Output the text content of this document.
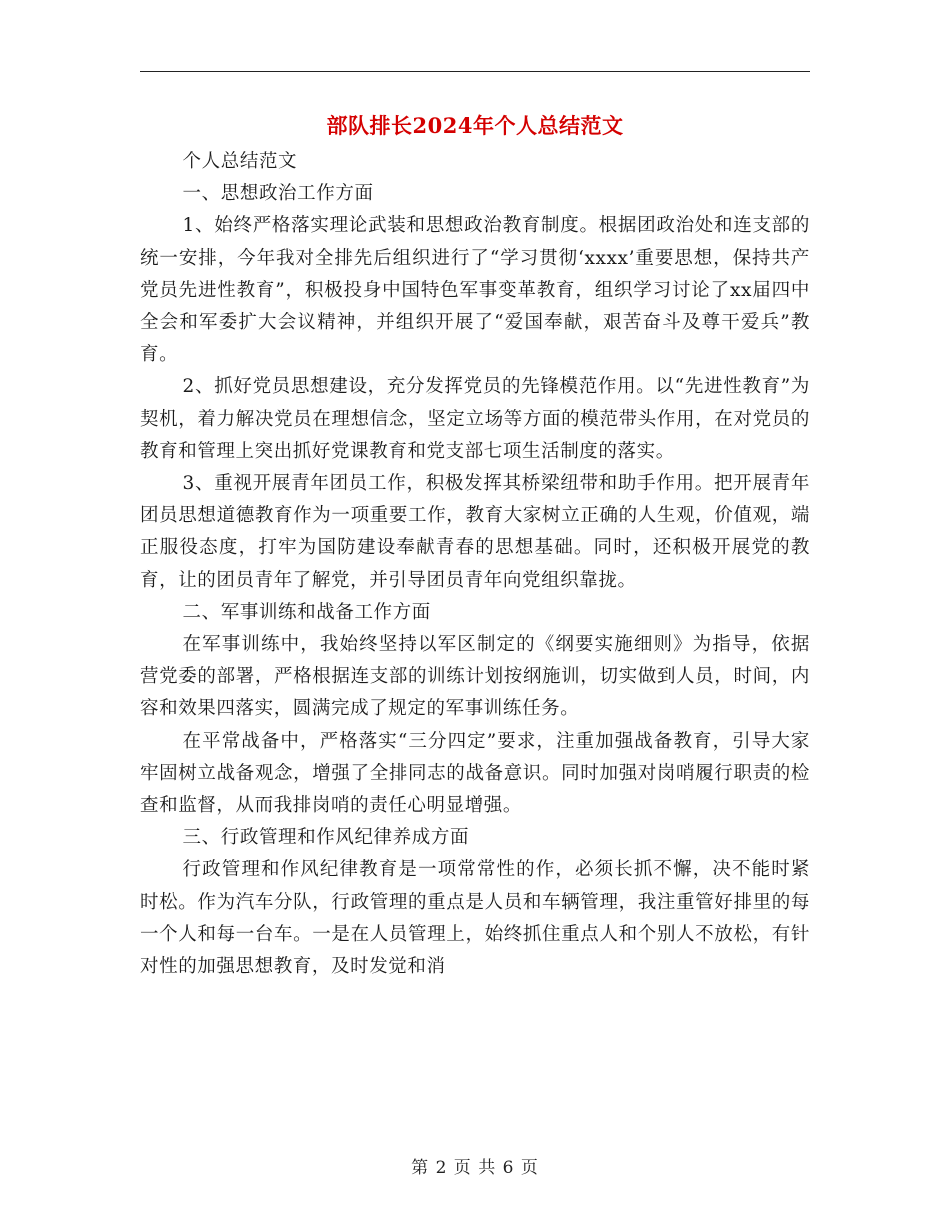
部队排长2024年个人总结范文

个人总结范文

一、思想政治工作方面

1、始终严格落实理论武装和思想政治教育制度。根据团政治处和连支部的统一安排，今年我对全排先后组织进行了“学习贯彻‘xxxx’重要思想，保持共产党员先进性教育”，积极投身中国特色军事变革教育，组织学习讨论了xx届四中全会和军委扩大会议精神，并组织开展了“爱国奉献，艰苦奋斗及尊干爱兵”教育。

2、抓好党员思想建设，充分发挥党员的先锋模范作用。以“先进性教育”为契机，着力解决党员在理想信念，坚定立场等方面的模范带头作用，在对党员的教育和管理上突出抓好党课教育和党支部七项生活制度的落实。

3、重视开展青年团员工作，积极发挥其桥梁纽带和助手作用。把开展青年团员思想道德教育作为一项重要工作，教育大家树立正确的人生观，价值观，端正服役态度，打牢为国防建设奉献青春的思想基础。同时，还积极开展党的教育，让的团员青年了解党，并引导团员青年向党组织靠拢。

二、军事训练和战备工作方面

在军事训练中，我始终坚持以军区制定的《纲要实施细则》为指导，依据营党委的部署，严格根据连支部的训练计划按纲施训，切实做到人员，时间，内容和效果四落实，圆满完成了规定的军事训练任务。

在平常战备中，严格落实“三分四定”要求，注重加强战备教育，引导大家牢固树立战备观念，增强了全排同志的战备意识。同时加强对岗哨履行职责的检查和监督，从而我排岗哨的责任心明显增强。

三、行政管理和作风纪律养成方面

行政管理和作风纪律教育是一项常常性的作，必须长抓不懈，决不能时紧时松。作为汽车分队，行政管理的重点是人员和车辆管理，我注重管好排里的每一个人和每一台车。一是在人员管理上，始终抓住重点人和个别人不放松，有针对性的加强思想教育，及时发觉和消

第 2 页 共 6 页
